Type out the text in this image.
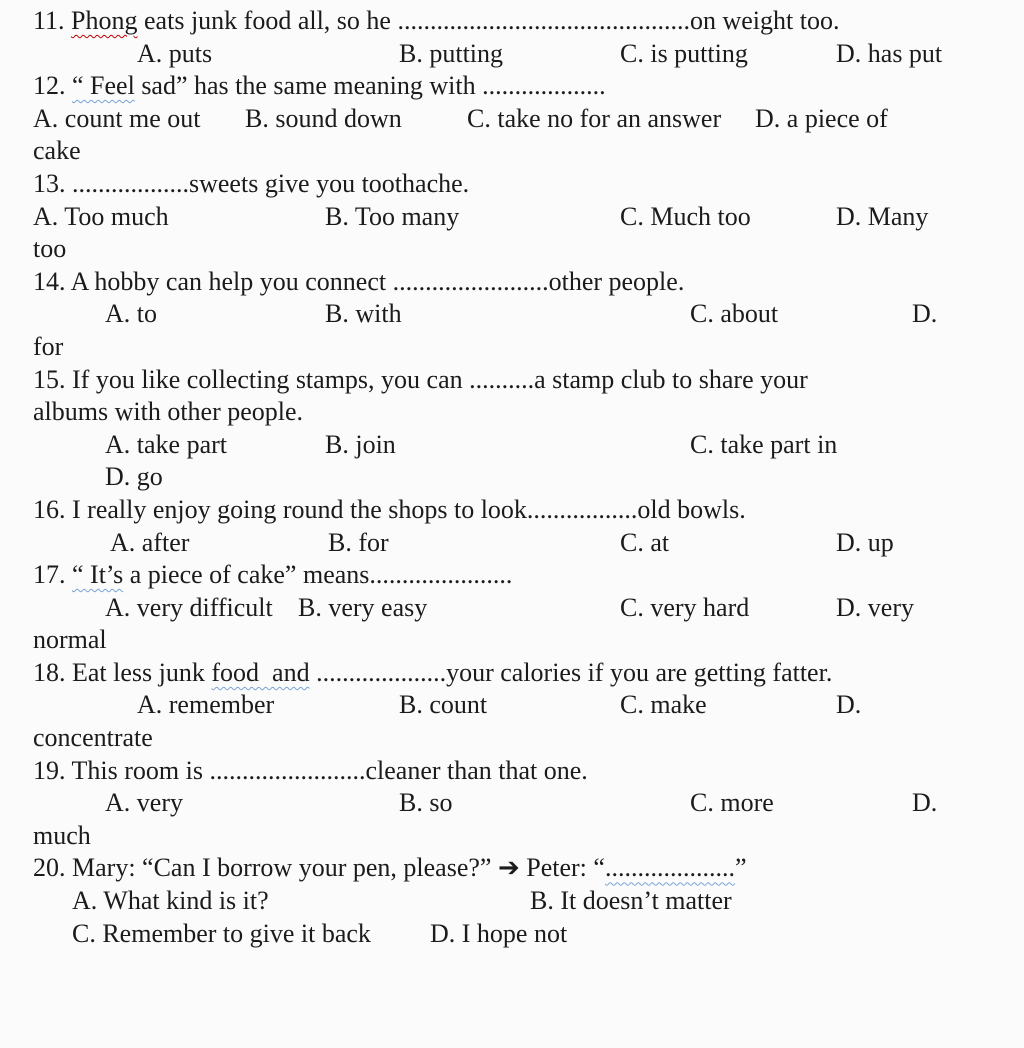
11. Phong eats junk food all, so he .............................................on weight too.

A. puts

	B. putting

	C. is putting

	D. has put

12. “ Feel sad” has the same meaning with ...................

A. count me out

B. sound down

	C. take no for an answer

D. a piece of

cake
13. ..................sweets give you toothache.

A. Too much

	B. Too many

	C. Much too

	D. Many

too
14. A hobby can help you connect ........................other people.

A. to

	B. with

	C. about

	D.

for
15. If you like collecting stamps, you can ..........a stamp club to share your
albums with other people.

A. take part

	B. join

	C. take part in

D. go

16. I really enjoy going round the shops to look.................old bowls.

A. after

	B. for

	C. at

	D. up

17. “ It’s a piece of cake” means......................

A. very difficult

B. very easy

	C. very hard

	D. very

normal
18. Eat less junk food  and ....................your calories if you are getting fatter.

A. remember

	B. count

	C. make

	D.

concentrate
19. This room is ........................cleaner than that one.

A. very

	B. so

	C. more

	D.

much
20. Mary: “Can I borrow your pen, please?” ➔ Peter: “....................”

A. What kind is it?

	B. It doesn’t matter

C. Remember to give it back

D. I hope not
